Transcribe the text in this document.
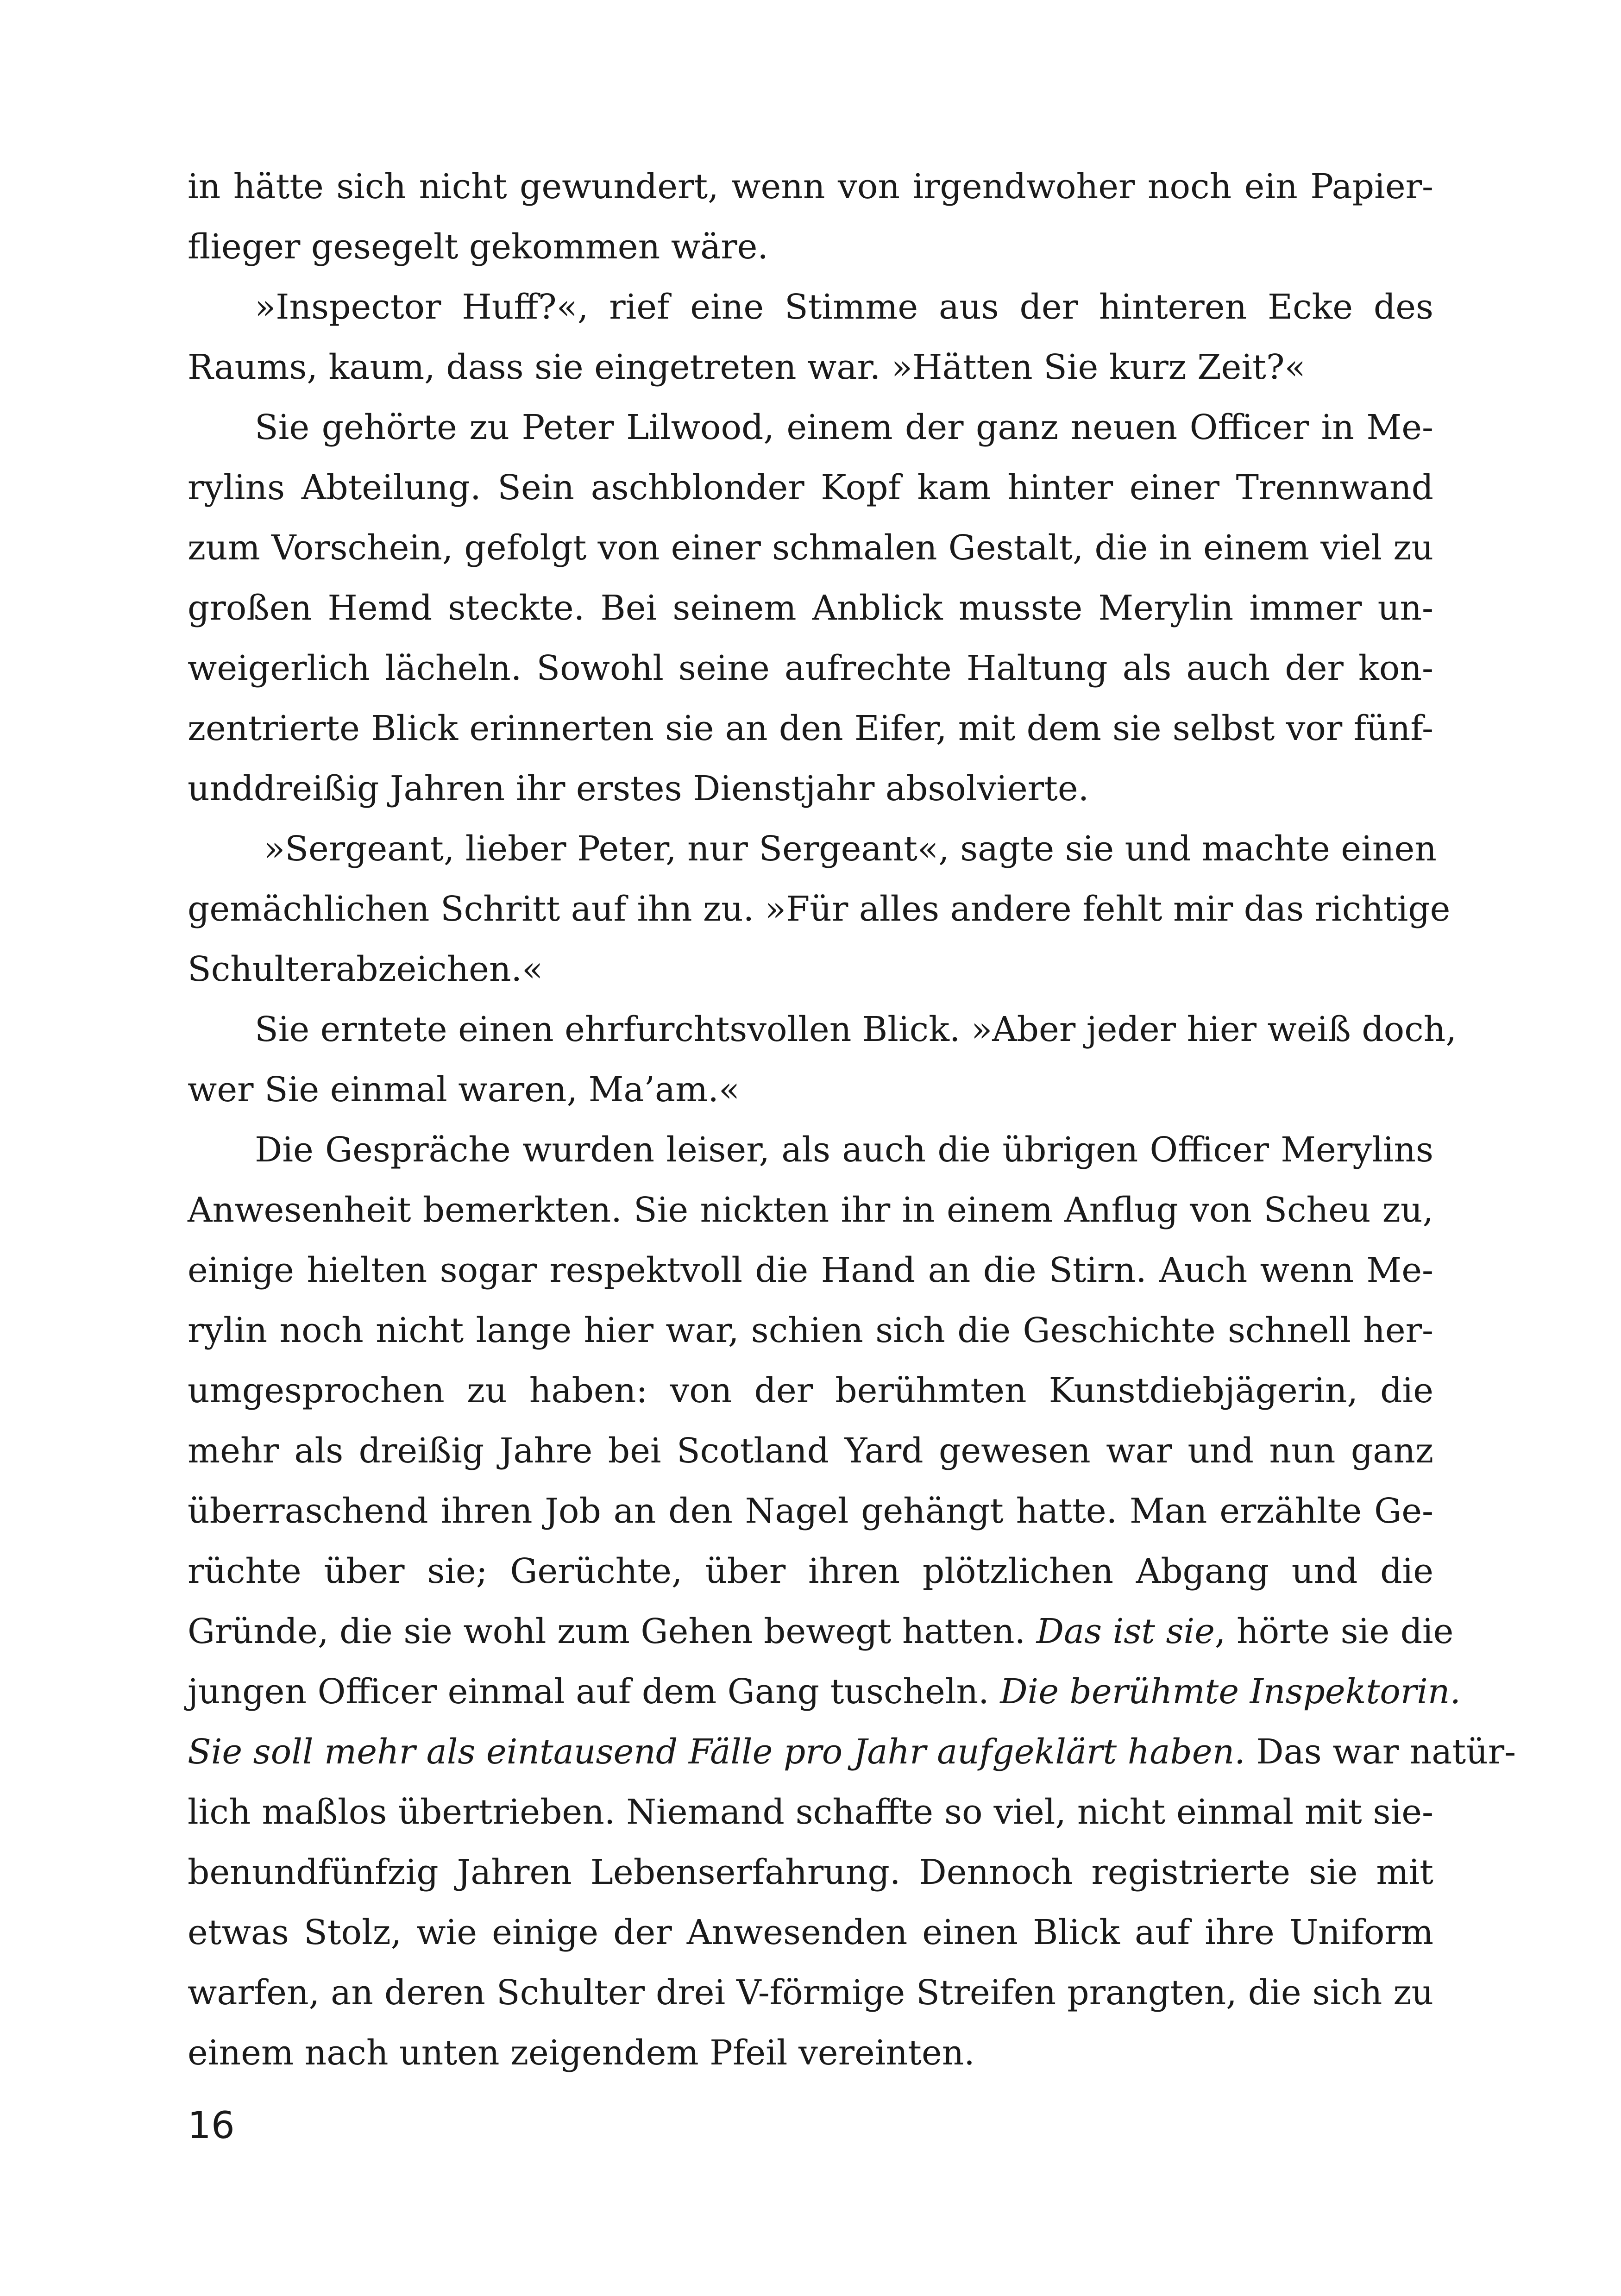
in hätte sich nicht gewundert, wenn von irgendwoher noch ein Papier-
flieger gesegelt gekommen wäre.
»Inspector Huff?«, rief eine Stimme aus der hinteren Ecke des
Raums, kaum, dass sie eingetreten war. »Hätten Sie kurz Zeit?«
Sie gehörte zu Peter Lilwood, einem der ganz neuen Officer in Me-
rylins Abteilung. Sein aschblonder Kopf kam hinter einer Trennwand
zum Vorschein, gefolgt von einer schmalen Gestalt, die in einem viel zu
großen Hemd steckte. Bei seinem Anblick musste Merylin immer un-
weigerlich lächeln. Sowohl seine aufrechte Haltung als auch der kon-
zentrierte Blick erinnerten sie an den Eifer, mit dem sie selbst vor fünf-
unddreißig Jahren ihr erstes Dienstjahr absolvierte.
»Sergeant, lieber Peter, nur Sergeant«, sagte sie und machte einen
gemächlichen Schritt auf ihn zu. »Für alles andere fehlt mir das richtige
Schulterabzeichen.«
Sie erntete einen ehrfurchtsvollen Blick. »Aber jeder hier weiß doch,
wer Sie einmal waren, Ma’am.«
Die Gespräche wurden leiser, als auch die übrigen Officer Merylins
Anwesenheit bemerkten. Sie nickten ihr in einem Anflug von Scheu zu,
einige hielten sogar respektvoll die Hand an die Stirn. Auch wenn Me-
rylin noch nicht lange hier war, schien sich die Geschichte schnell her-
umgesprochen zu haben: von der berühmten Kunstdiebjägerin, die
mehr als dreißig Jahre bei Scotland Yard gewesen war und nun ganz
überraschend ihren Job an den Nagel gehängt hatte. Man erzählte Ge-
rüchte über sie; Gerüchte, über ihren plötzlichen Abgang und die
Gründe, die sie wohl zum Gehen bewegt hatten. Das ist sie, hörte sie die
jungen Officer einmal auf dem Gang tuscheln. Die berühmte Inspektorin.
Sie soll mehr als eintausend Fälle pro Jahr aufgeklärt haben. Das war natür-
lich maßlos übertrieben. Niemand schaffte so viel, nicht einmal mit sie-
benundfünfzig Jahren Lebenserfahrung. Dennoch registrierte sie mit
etwas Stolz, wie einige der Anwesenden einen Blick auf ihre Uniform
warfen, an deren Schulter drei V-förmige Streifen prangten, die sich zu
einem nach unten zeigendem Pfeil vereinten.
16
